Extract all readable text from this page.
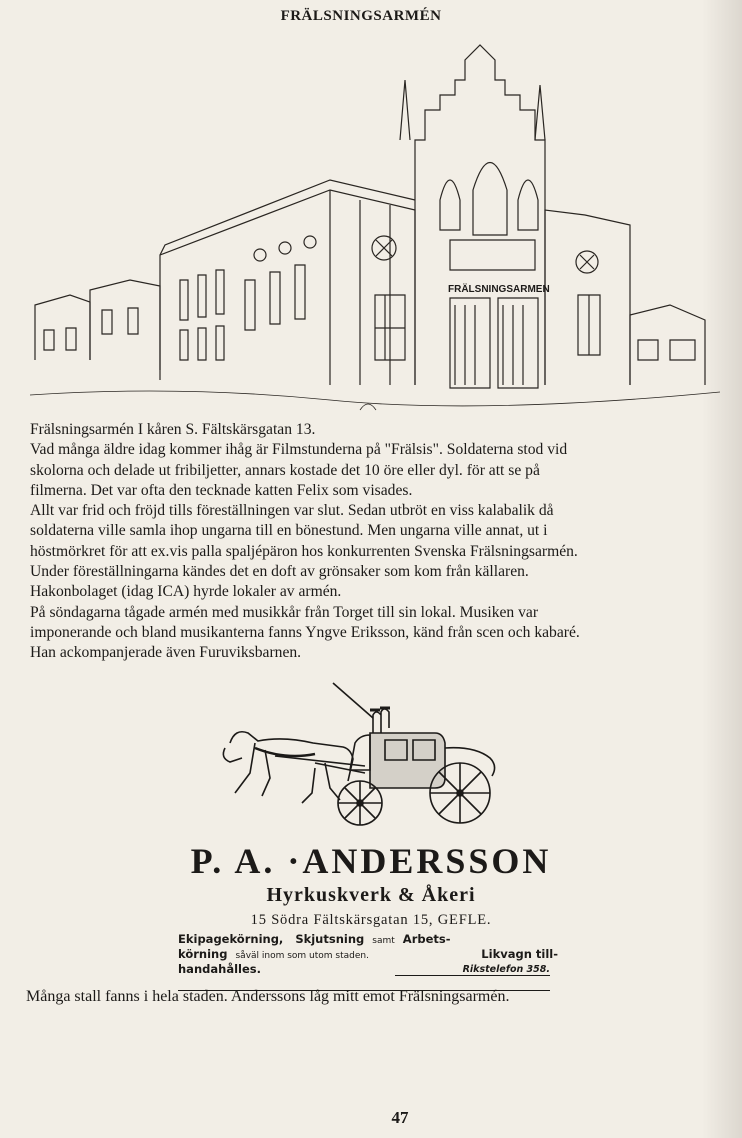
FRÄLSNINGSARMÉN
FRÄLSNINGSARMEN

Frälsningsarmén I kåren S. Fältskärsgatan 13.

Vad många äldre idag kommer ihåg är Filmstunderna på "Frälsis". Soldaterna stod vid

skolorna och delade ut fribiljetter, annars kostade det 10 öre eller dyl. för att se på

filmerna. Det var ofta den tecknade katten Felix som visades.

Allt var frid och fröjd tills föreställningen var slut. Sedan utbröt en viss kalabalik då

soldaterna ville samla ihop ungarna till en bönestund. Men ungarna ville annat, ut i

höstmörkret för att ex.vis palla spaljépäron hos konkurrenten Svenska Frälsningsarmén.

Under föreställningarna kändes det en doft av grönsaker som kom från källaren.

Hakonbolaget (idag ICA) hyrde lokaler av armén.

På söndagarna tågade armén med musikkår från Torget till sin lokal. Musiken var

imponerande och bland musikanterna fanns Yngve Eriksson, känd från scen och kabaré.

Han ackompanjerade även Furuviksbarnen.

P. A. ·ANDERSSON
Hyrkuskverk & Åkeri
15 Södra Fältskärsgatan 15, GEFLE.
Ekipagekörning, Skjutsning samt Arbets-
körning såväl inom som utom staden.	Likvagn till-
handahålles.	Rikstelefon 358.
Många stall fanns i hela staden. Anderssons låg mitt emot Frälsningsarmén.
47
